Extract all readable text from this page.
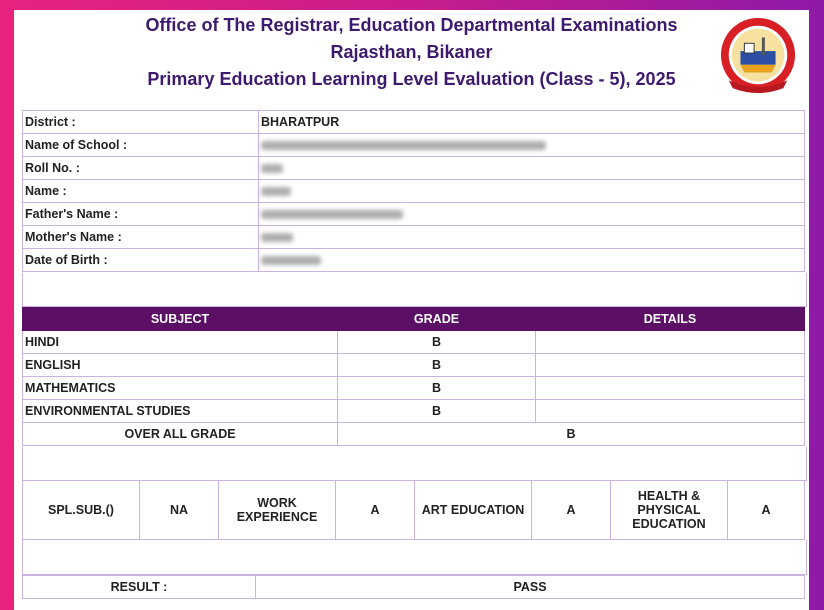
Office of The Registrar, Education Departmental Examinations
Rajasthan, Bikaner
Primary Education Learning Level Evaluation (Class - 5), 2025
District :	BHARATPUR
Name of School :	
Roll No. :	
Name :	
Father's Name :	
Mother's Name :	
Date of Birth :	
SUBJECT	GRADE	DETAILS
HINDI	B	
ENGLISH	B	
MATHEMATICS	B	
ENVIRONMENTAL STUDIES	B	
OVER ALL GRADE	B	
SPL.SUB.()	NA	WORK EXPERIENCE	A	ART EDUCATION	A	HEALTH & PHYSICAL EDUCATION	A
RESULT :	PASS
